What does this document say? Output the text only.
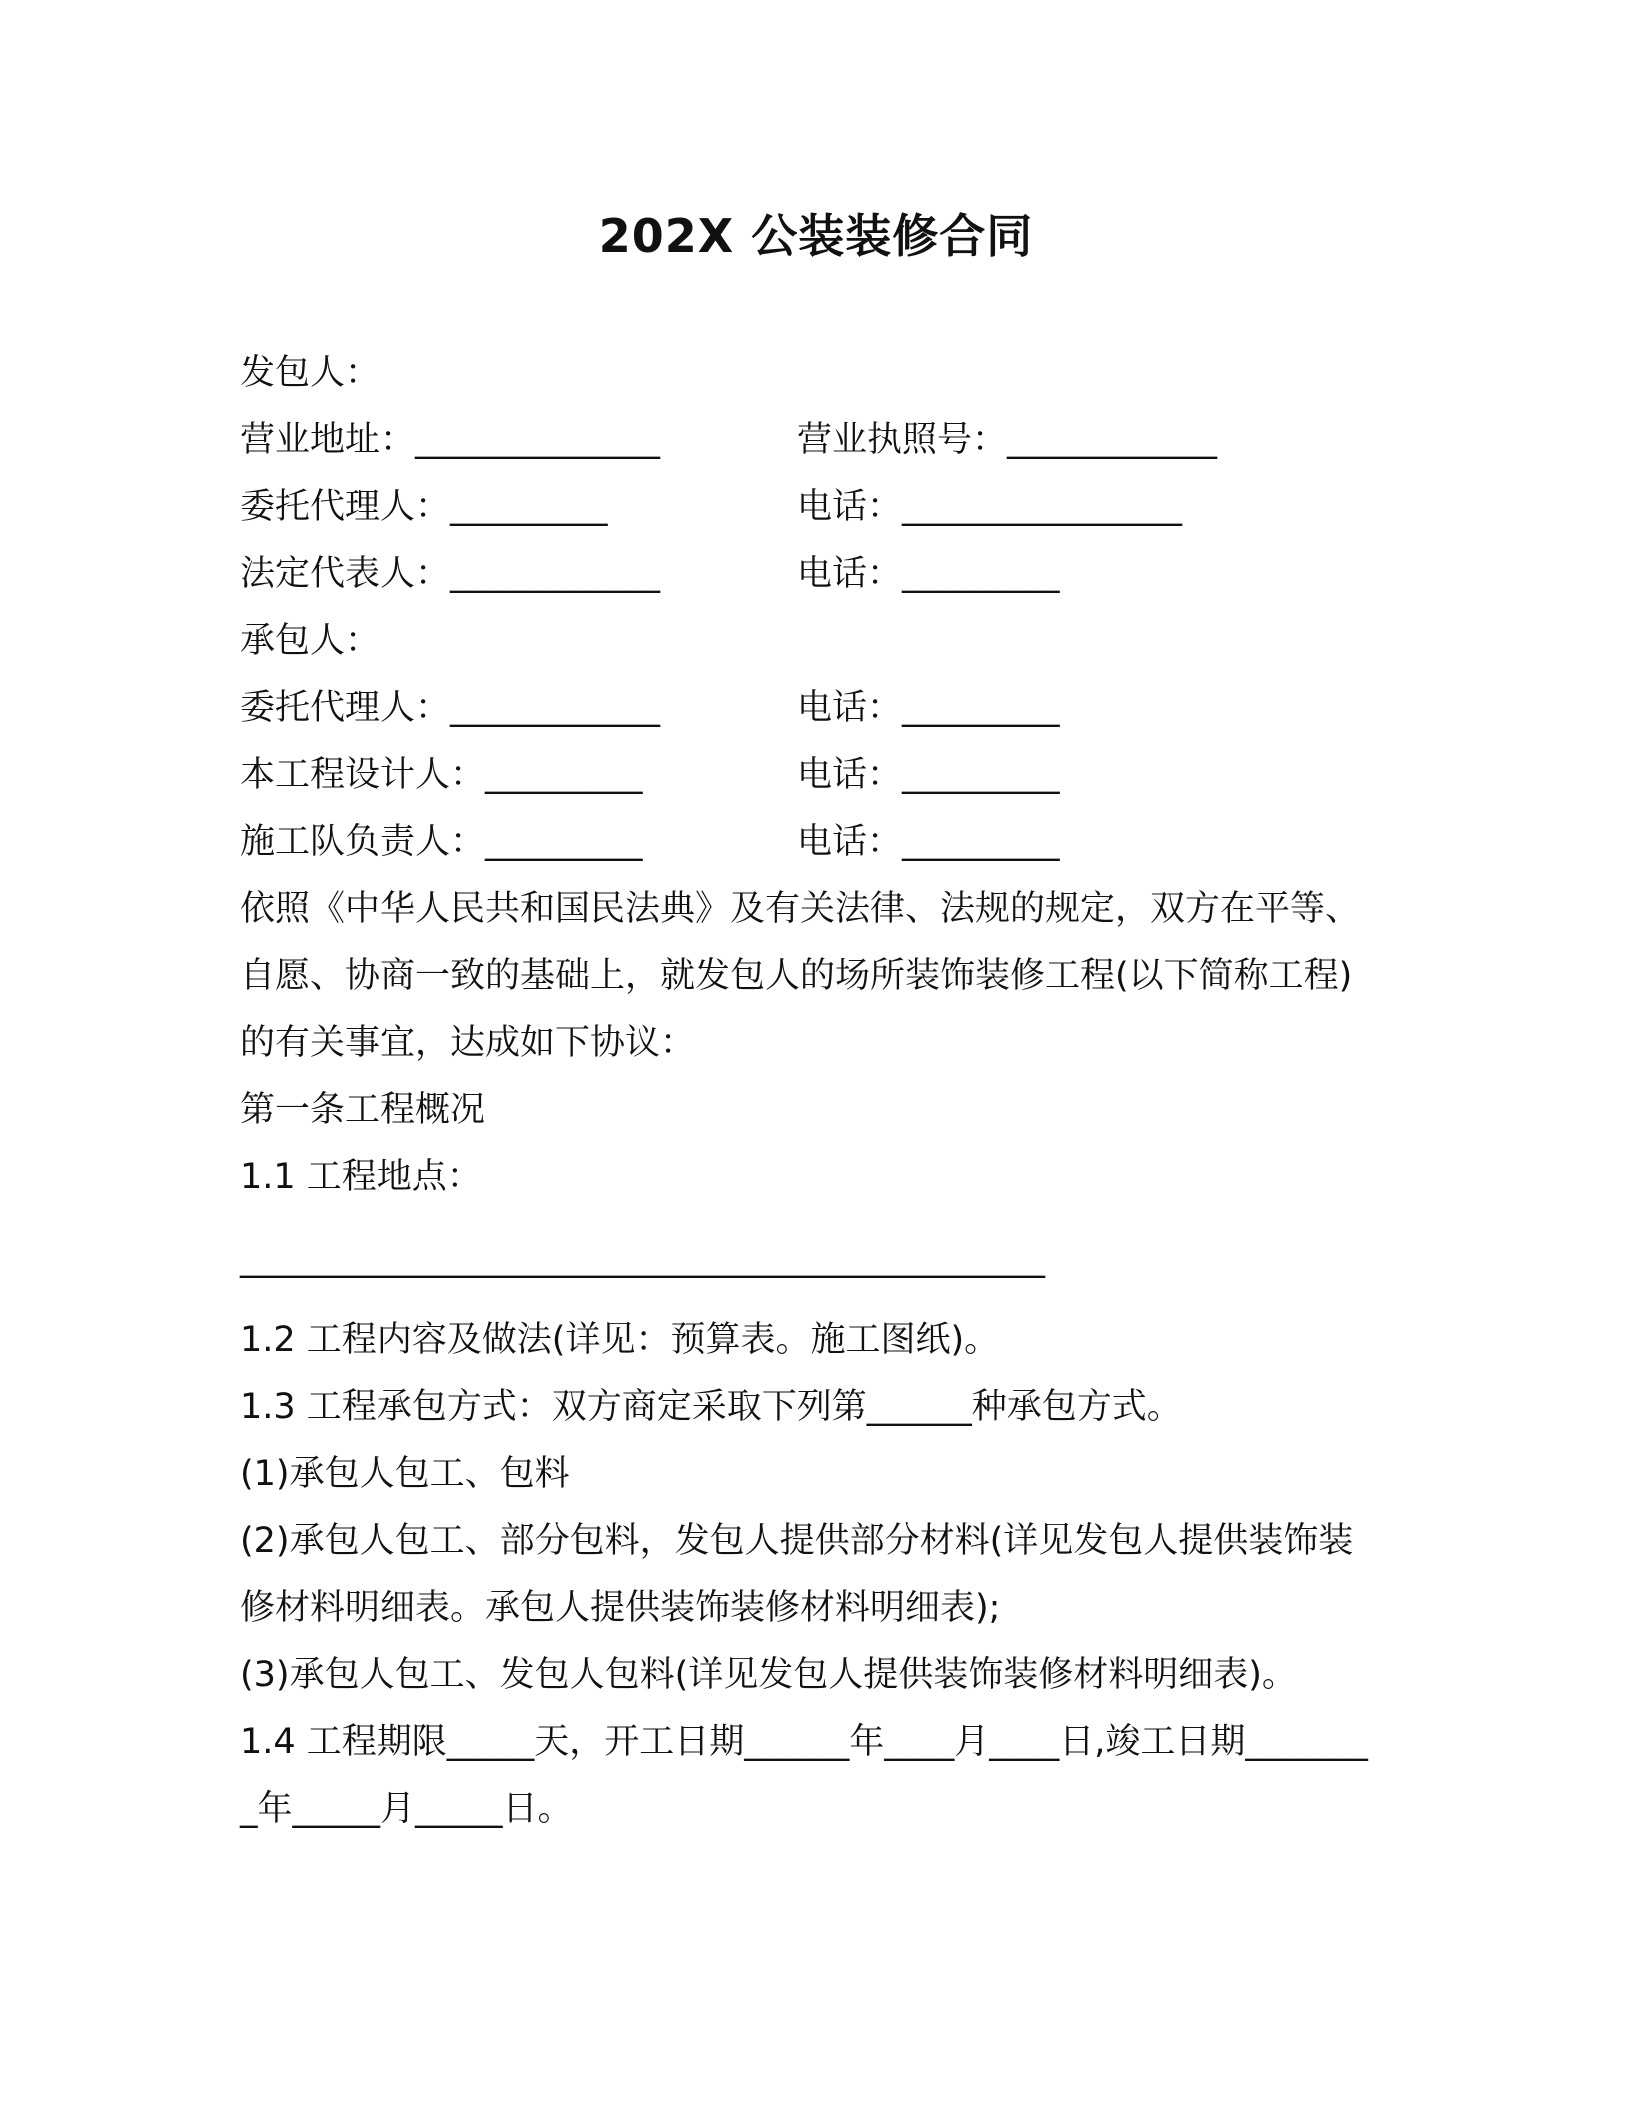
202X 公装装修合同
发包人：
营业地址：______________	营业执照号：____________
委托代理人：_________	电话：________________
法定代表人：____________	电话：_________
承包人：
委托代理人：____________	电话：_________
本工程设计人：_________	电话：_________
施工队负责人：_________	电话：_________
依照《中华人民共和国民法典》及有关法律、法规的规定，双方在平等、自愿、协商一致的基础上，就发包人的场所装饰装修工程(以下简称工程)的有关事宜，达成如下协议：
第一条工程概况
1.1 工程地点：
______________________________________________
1.2 工程内容及做法(详见：预算表。施工图纸)。
1.3 工程承包方式：双方商定采取下列第______种承包方式。
(1)承包人包工、包料
(2)承包人包工、部分包料，发包人提供部分材料(详见发包人提供装饰装修材料明细表。承包人提供装饰装修材料明细表);
(3)承包人包工、发包人包料(详见发包人提供装饰装修材料明细表)。
1.4 工程期限_____天，开工日期______年____月____日,竣工日期________年_____月_____日。
